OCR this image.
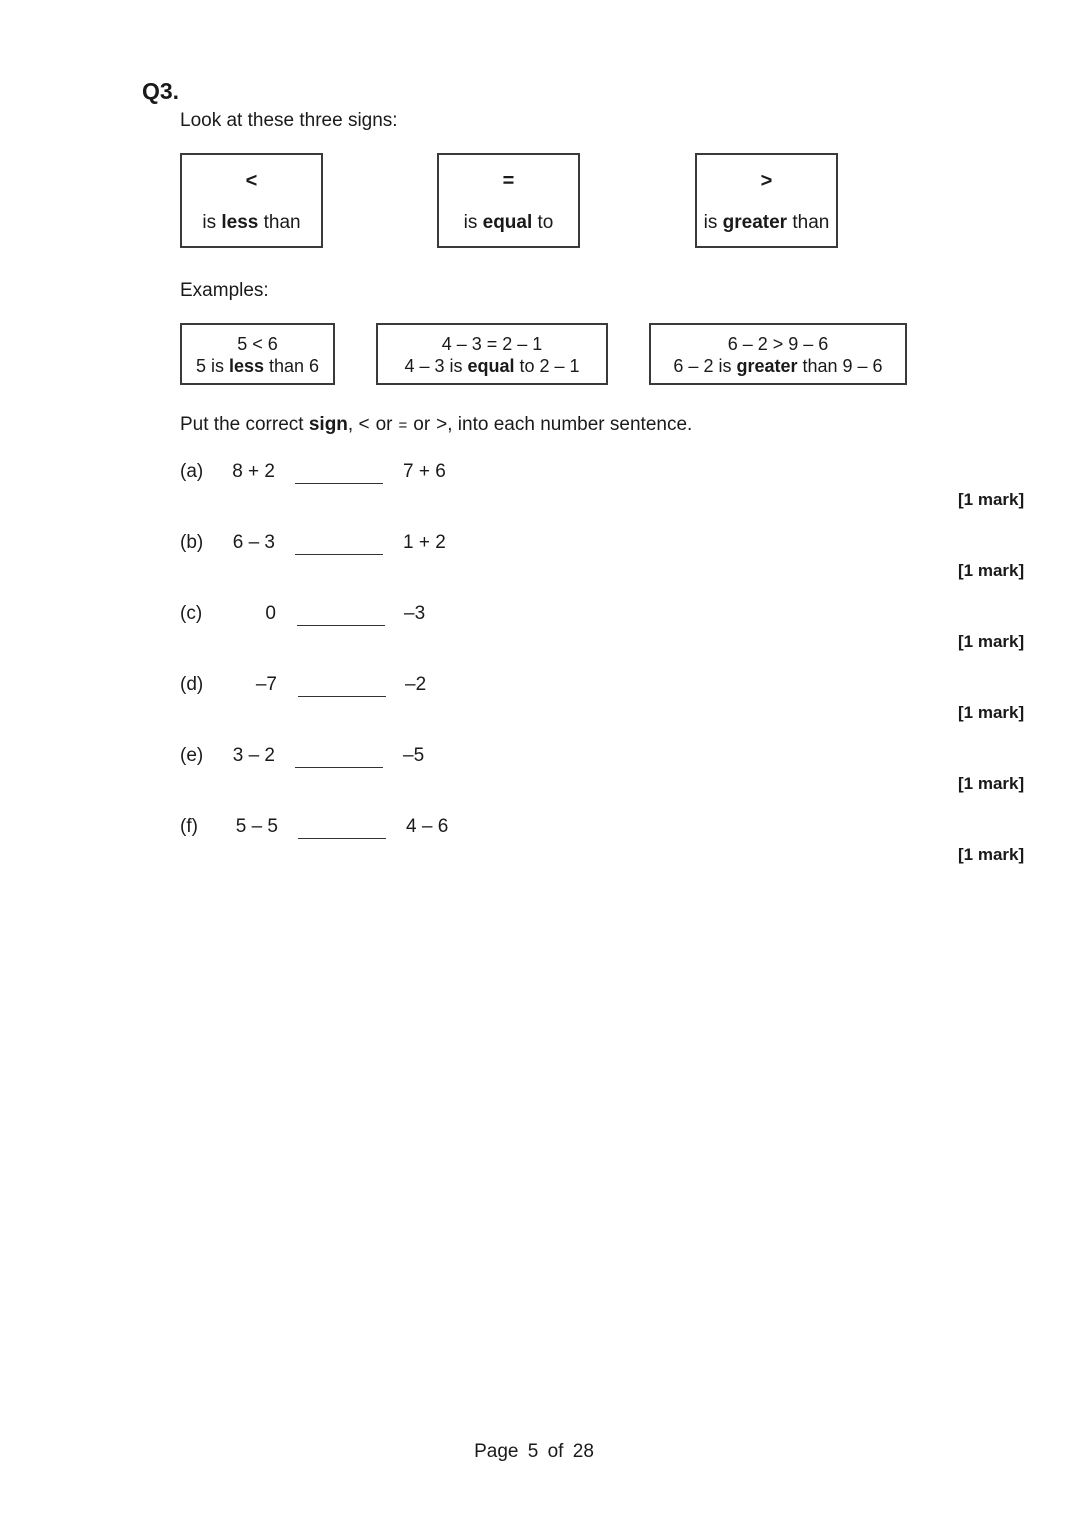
Q3.
Look at these three signs:
<
is less than
=
is equal to
>
is greater than
Examples:
5 < 6
5 is less than 6
4 – 3 = 2 – 1
4 – 3 is equal to 2 – 1
6 – 2 > 9 – 6
6 – 2 is greater than 9 – 6
Put the correct sign, < or = or >, into each number sentence.
(a)	8 + 2	7 + 6
[1 mark]
(b)	6 – 3	1 + 2
[1 mark]
(c)	0	–3
[1 mark]
(d)	–7	–2
[1 mark]
(e)	3 – 2	–5
[1 mark]
(f)	5 – 5	4 – 6
[1 mark]
Page 5 of 28
